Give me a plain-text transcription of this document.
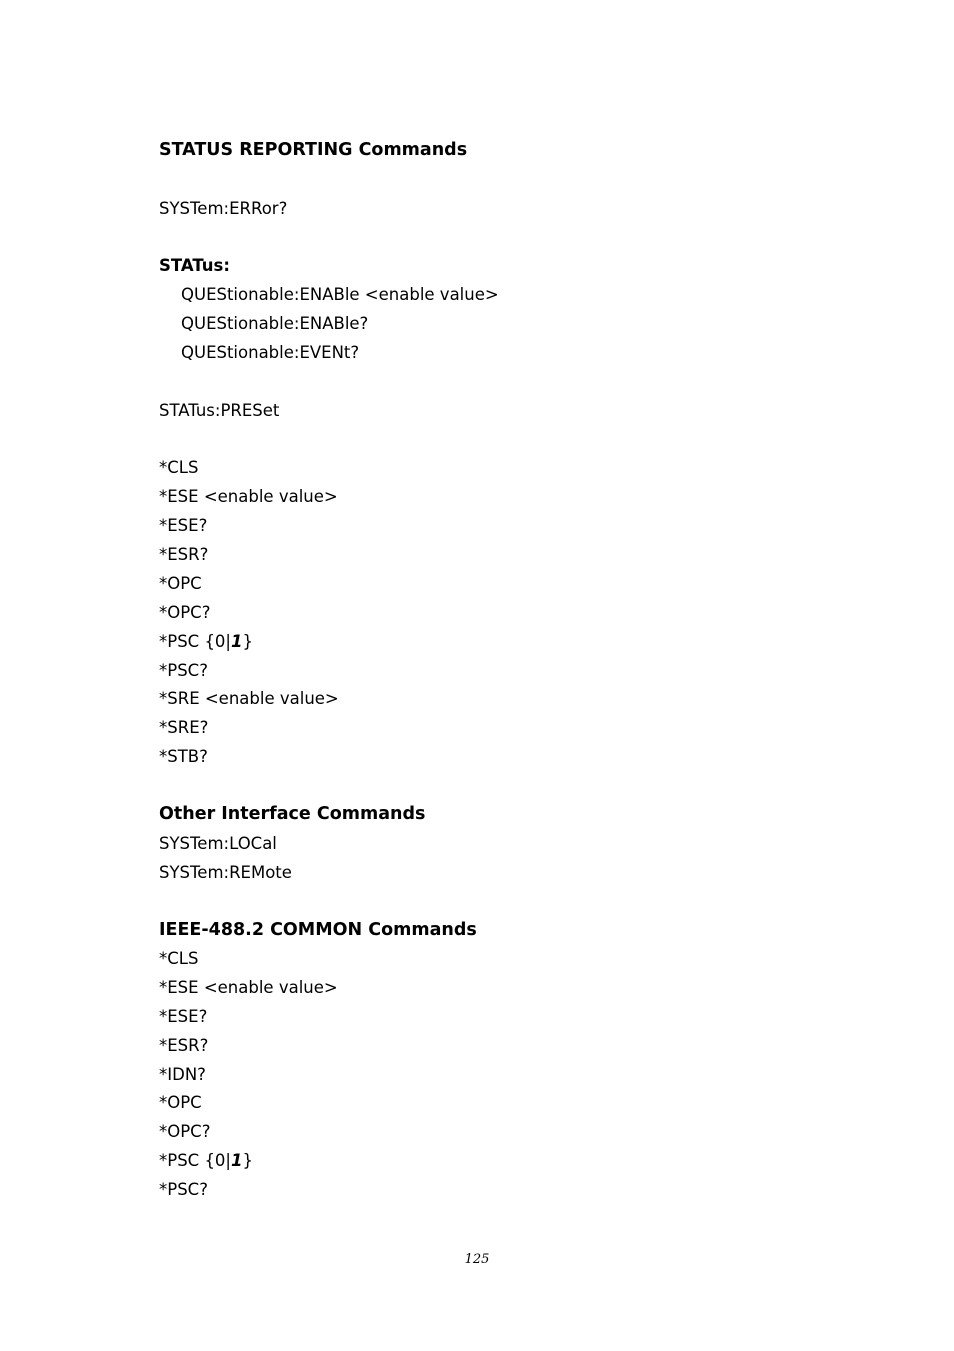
STATUS REPORTING Commands
SYSTem:ERRor?
STATus:
QUEStionable:ENABle <enable value>
QUEStionable:ENABle?
QUEStionable:EVENt?
STATus:PRESet
*CLS
*ESE <enable value>
*ESE?
*ESR?
*OPC
*OPC?
*PSC {0|1}
*PSC?
*SRE <enable value>
*SRE?
*STB?
Other Interface Commands
SYSTem:LOCal
SYSTem:REMote
IEEE-488.2 COMMON Commands
*CLS
*ESE <enable value>
*ESE?
*ESR?
*IDN?
*OPC
*OPC?
*PSC {0|1}
*PSC?
125
